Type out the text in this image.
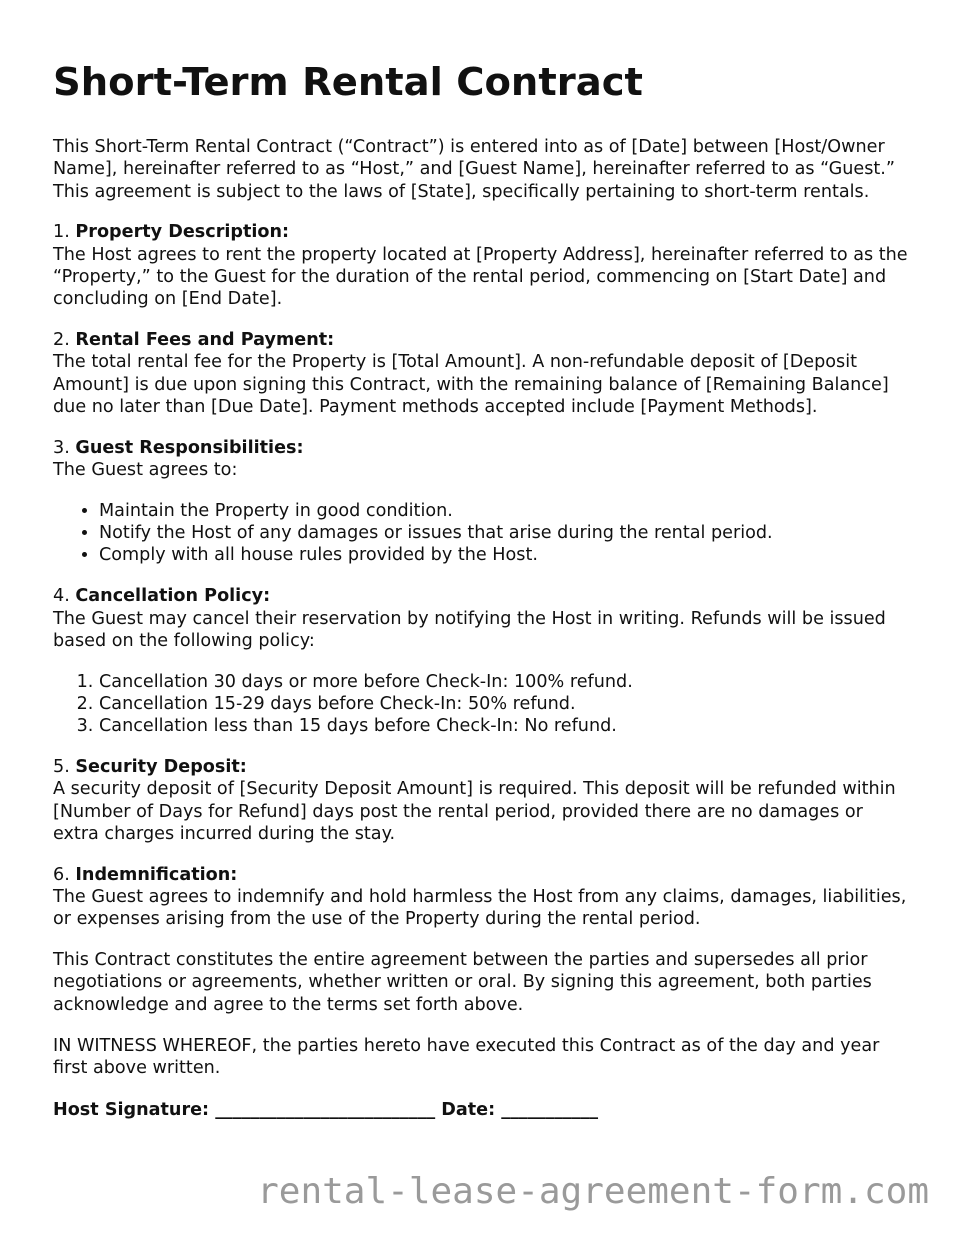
Short-Term Rental Contract

This Short-Term Rental Contract (“Contract”) is entered into as of [Date] between [Host/Owner Name], hereinafter referred to as “Host,” and [Guest Name], hereinafter referred to as “Guest.” This agreement is subject to the laws of [State], specifically pertaining to short-term rentals.

1. Property Description:
The Host agrees to rent the property located at [Property Address], hereinafter referred to as the “Property,” to the Guest for the duration of the rental period, commencing on [Start Date] and concluding on [End Date].
2. Rental Fees and Payment:
The total rental fee for the Property is [Total Amount]. A non-refundable deposit of [Deposit Amount] is due upon signing this Contract, with the remaining balance of [Remaining Balance] due no later than [Due Date]. Payment methods accepted include [Payment Methods].
3. Guest Responsibilities:
The Guest agrees to:
• Maintain the Property in good condition.
• Notify the Host of any damages or issues that arise during the rental period.
• Comply with all house rules provided by the Host.
4. Cancellation Policy:
The Guest may cancel their reservation by notifying the Host in writing. Refunds will be issued based on the following policy:
1. Cancellation 30 days or more before Check-In: 100% refund.
2. Cancellation 15-29 days before Check-In: 50% refund.
3. Cancellation less than 15 days before Check-In: No refund.
5. Security Deposit:
A security deposit of [Security Deposit Amount] is required. This deposit will be refunded within [Number of Days for Refund] days post the rental period, provided there are no damages or extra charges incurred during the stay.
6. Indemnification:
The Guest agrees to indemnify and hold harmless the Host from any claims, damages, liabilities, or expenses arising from the use of the Property during the rental period.

This Contract constitutes the entire agreement between the parties and supersedes all prior negotiations or agreements, whether written or oral. By signing this agreement, both parties acknowledge and agree to the terms set forth above.

IN WITNESS WHEREOF, the parties hereto have executed this Contract as of the day and year first above written.

Host Signature: _________________________ Date: ___________
rental-lease-agreement-form.com
